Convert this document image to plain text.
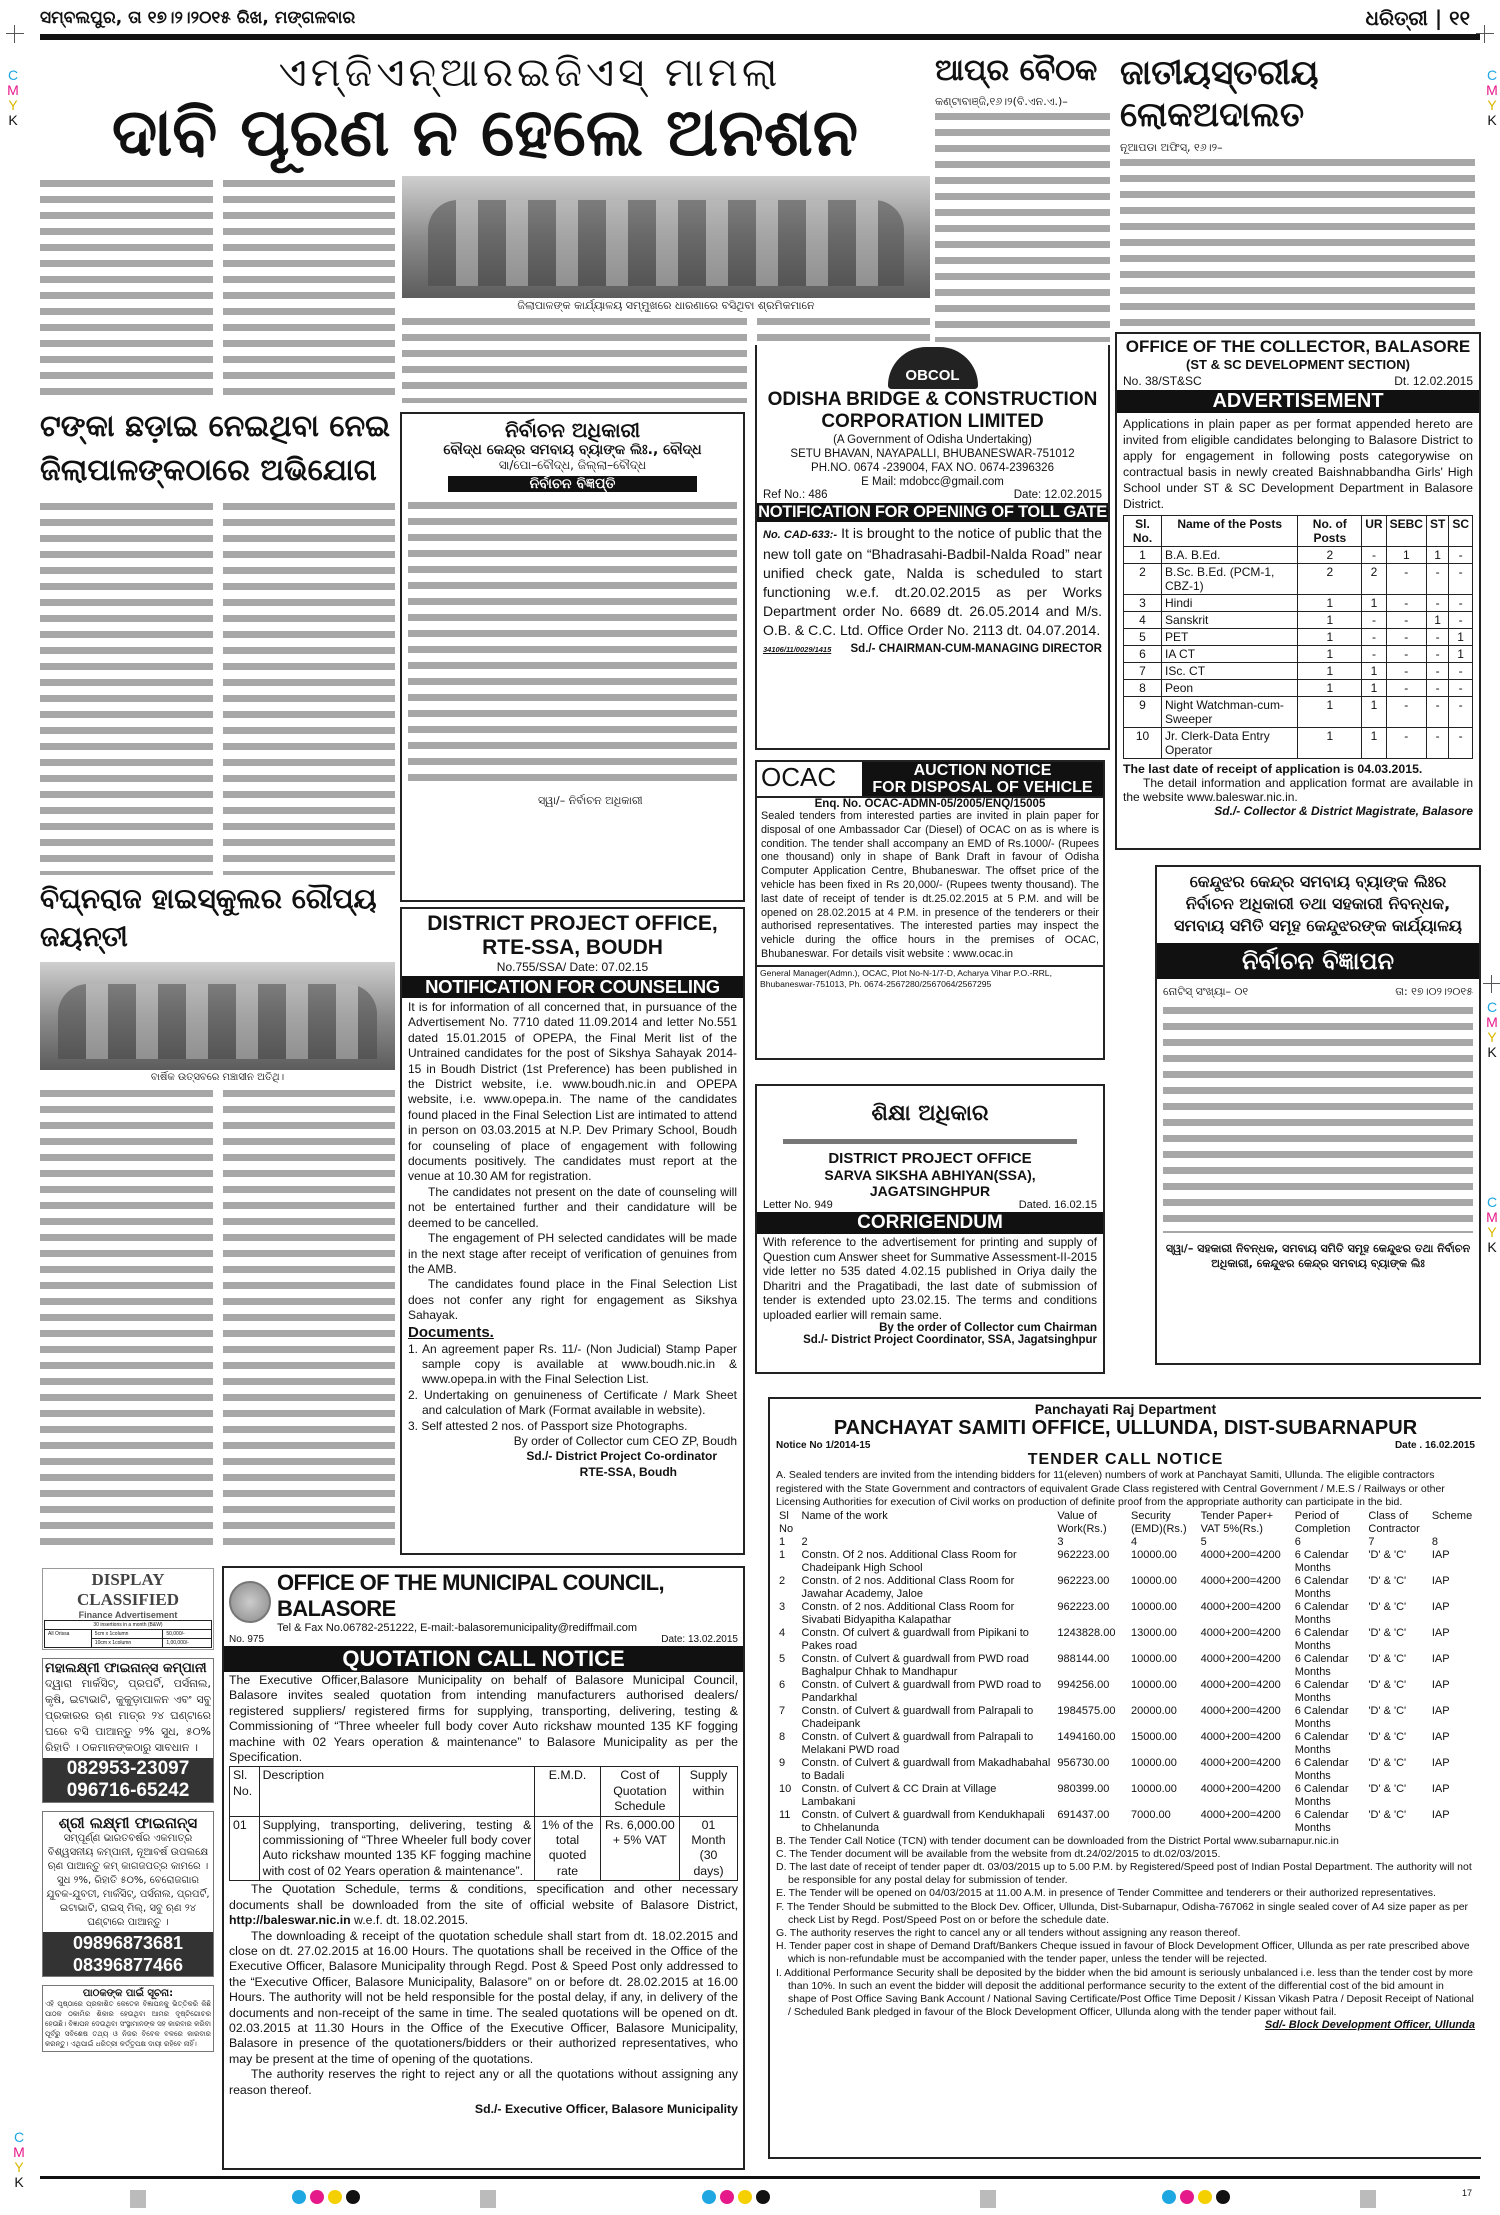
ସମ୍ବଲପୁର, ତା ୧୭।୨।୨୦୧୫ ରିଖ, ମଙ୍ଗଳବାର	ଧରିତ୍ରୀ | ୧୧
C
M
Y
K
C
M
Y
K
C
M
Y
K
C
M
Y
K
C
M
Y
K
ଏମ୍‌ଜିଏନ୍‌ଆରଇଜିଏସ୍ ମାମଲା
ଦାବି ପୂରଣ ନ ହେଲେ ଅନଶନ
ଜିଲାପାଳଙ୍କ କାର୍ଯ୍ୟାଳୟ ସମ୍ମୁଖରେ ଧାରଣାରେ ବସିଥିବା ଶ୍ରମିକମାନେ
ଆପ୍‌ର ବୈଠକ
କଣ୍ଟାବାଞ୍ଜି,୧୬।୨(ବି.ଏନ.ଏ.)–
ଜାତୀୟସ୍ତରୀୟ ଲୋକଅଦାଲତ
ନୂଆପଡା ଅଫିସ୍, ୧୬।୨–
OFFICE OF THE COLLECTOR, BALASORE
(ST & SC DEVELOPMENT SECTION)
No. 38/ST&SC	Dt. 12.02.2015
ADVERTISEMENT
Applications in plain paper as per format appended hereto are invited from eligible candidates belonging to Balasore District to apply for engagement in following posts categorywise on contractual basis in newly created Baishnabbandha Girls' High School under ST & SC Development Department in Balasore District.
Sl. No.	Name of the Posts	No. of Posts	UR	SEBC	ST	SC
1	B.A. B.Ed.	2	-	1	1	-
2	B.Sc. B.Ed. (PCM-1, CBZ-1)	2	2	-	-	-
3	Hindi	1	1	-	-	-
4	Sanskrit	1	-	-	1	-
5	PET	1	-	-	-	1
6	IA CT	1	-	-	-	1
7	ISc. CT	1	1	-	-	-
8	Peon	1	1	-	-	-
9	Night Watchman-cum-Sweeper	1	1	-	-	-
10	Jr. Clerk-Data Entry Operator	1	1	-	-	-
The last date of receipt of application is 04.03.2015.
The detail information and application format are available in the website www.baleswar.nic.in.
Sd./- Collector & District Magistrate, Balasore
ଟଙ୍କା ଛଡ଼ାଇ ନେଇଥିବା ନେଇ ଜିଲାପାଳଙ୍କଠାରେ ଅଭିଯୋଗ
ନିର୍ବାଚନ ଅଧିକାରୀ
ବୌଦ୍ଧ କେନ୍ଦ୍ର ସମବାୟ ବ୍ୟାଙ୍କ ଲିଃ., ବୌଦ୍ଧ
ସା/ପୋ–ବୌଦ୍ଧ, ଜିଲ୍ଲା–ବୌଦ୍ଧ
ନିର୍ବାଚନ ବିଜ୍ଞପ୍ତି
ସ୍ୱା/– ନିର୍ବାଚନ ଅଧିକାରୀ
OBCOL
ODISHA BRIDGE & CONSTRUCTION
CORPORATION LIMITED
(A Government of Odisha Undertaking)
SETU BHAVAN, NAYAPALLI, BHUBANESWAR-751012
PH.NO. 0674 -239004, FAX NO. 0674-2396326
E Mail: mdobcc@gmail.com
Ref No.: 486	Date: 12.02.2015
NOTIFICATION FOR OPENING OF TOLL GATE
No. CAD-633:- It is brought to the notice of public that the new toll gate on “Bhadrasahi-Badbil-Nalda Road” near unified check gate, Nalda is scheduled to start functioning w.e.f. dt.20.02.2015 as per Works Department order No. 6689 dt. 26.05.2014 and M/s. O.B. & C.C. Ltd. Office Order No. 2113 dt. 04.07.2014.
34106/11/0029/1415 Sd./- CHAIRMAN-CUM-MANAGING DIRECTOR
OCAC	AUCTION NOTICE
FOR DISPOSAL OF VEHICLE
Enq. No. OCAC-ADMN-05/2005/ENQ/15005
Sealed tenders from interested parties are invited in plain paper for disposal of one Ambassador Car (Diesel) of OCAC on as is where is condition. The tender shall accompany an EMD of Rs.1000/- (Rupees one thousand) only in shape of Bank Draft in favour of Odisha Computer Application Centre, Bhubaneswar. The offset price of the vehicle has been fixed in Rs 20,000/- (Rupees twenty thousand). The last date of receipt of tender is dt.25.02.2015 at 5 P.M. and will be opened on 28.02.2015 at 4 P.M. in presence of the tenderers or their authorised representatives. The interested parties may inspect the vehicle during the office hours in the premises of OCAC, Bhubaneswar. For details visit website : www.ocac.in
General Manager(Admn.), OCAC, Plot No-N-1/7-D, Acharya Vihar P.O.-RRL, Bhubaneswar-751013, Ph. 0674-2567280/2567064/2567295
ଶିକ୍ଷା ଅଧିକାର
DISTRICT PROJECT OFFICE
SARVA SIKSHA ABHIYAN(SSA), JAGATSINGHPUR
Letter No. 949	Dated. 16.02.15
CORRIGENDUM
With reference to the advertisement for printing and supply of Question cum Answer sheet for Summative Assessment-II-2015 vide letter no 535 dated 4.02.15 published in Oriya daily the Dharitri and the Pragatibadi, the last date of submission of tender is extended upto 23.02.15. The terms and conditions uploaded earlier will remain same.
By the order of Collector cum Chairman
Sd./- District Project Coordinator, SSA, Jagatsinghpur
କେନ୍ଦୁଝର କେନ୍ଦ୍ର ସମବାୟ ବ୍ୟାଙ୍କ ଲିଃର ନିର୍ବାଚନ ଅଧିକାରୀ ତଥା ସହକାରୀ ନିବନ୍ଧକ, ସମବାୟ ସମିତି ସମୂହ କେନ୍ଦୁଝରଙ୍କ କାର୍ଯ୍ୟାଳୟ
ନିର୍ବାଚନ ବିଜ୍ଞାପନ
ନୋଟିସ୍ ସଂଖ୍ୟା– ୦୧	ତା: ୧୭।୦୨।୨୦୧୫
ସ୍ୱା/– ସହକାରୀ ନିବନ୍ଧକ, ସମବାୟ ସମିତି ସମୂହ କେନ୍ଦୁଝର ତଥା ନିର୍ବାଚନ ଅଧିକାରୀ, କେନ୍ଦୁଝର କେନ୍ଦ୍ର ସମବାୟ ବ୍ୟାଙ୍କ ଲିଃ
ବିଘ୍ନରାଜ ହାଇସ୍କୁଲର ରୌପ୍ୟ ଜୟନ୍ତୀ
ବାର୍ଷିକ ଉତ୍ସବରେ ମଞ୍ଚାସୀନ ଅତିଥି।
DISTRICT PROJECT OFFICE,
RTE-SSA, BOUDH
No.755/SSA/ Date: 07.02.15
NOTIFICATION FOR COUNSELING
It is for information of all concerned that, in pursuance of the Advertisement No. 7710 dated 11.09.2014 and letter No.551 dated 15.01.2015 of OPEPA, the Final Merit list of the Untrained candidates for the post of Sikshya Sahayak 2014-15 in Boudh District (1st Preference) has been published in the District website, i.e. www.boudh.nic.in and OPEPA website, i.e. www.opepa.in. The name of the candidates found placed in the Final Selection List are intimated to attend in person on 03.03.2015 at N.P. Dev Primary School, Boudh for counseling of place of engagement with following documents positively. The candidates must report at the venue at 10.30 AM for registration.
The candidates not present on the date of counseling will not be entertained further and their candidature will be deemed to be cancelled.
The engagement of PH selected candidates will be made in the next stage after receipt of verification of genuines from the AMB.
The candidates found place in the Final Selection List does not confer any right for engagement as Sikshya Sahayak.
Documents.
1. An agreement paper Rs. 11/- (Non Judicial) Stamp Paper sample copy is available at www.boudh.nic.in & www.opepa.in with the Final Selection List.
2. Undertaking on genuineness of Certificate / Mark Sheet and calculation of Mark (Format available in website).
3. Self attested 2 nos. of Passport size Photographs.
By order of Collector cum CEO ZP, Boudh
Sd./- District Project Co-ordinator
RTE-SSA, Boudh
Panchayati Raj Department
PANCHAYAT SAMITI OFFICE, ULLUNDA, DIST-SUBARNAPUR
Notice No 1/2014-15	Date . 16.02.2015
TENDER CALL NOTICE
A. Sealed tenders are invited from the intending bidders for 11(eleven) numbers of work at Panchayat Samiti, Ullunda. The eligible contractors registered with the State Government and contractors of equivalent Grade Class registered with Central Government / M.E.S / Railways or other Licensing Authorities for execution of Civil works on production of definite proof from the appropriate authority can participate in the bid.
Sl No	Name of the work	Value of Work(Rs.)	Security (EMD)(Rs.)	Tender Paper+ VAT 5%(Rs.)	Period of Completion	Class of Contractor	Scheme
1	2	3	4	5	6	7	8
1	Constn. Of 2 nos. Additional Class Room for Chadeipank High School	962223.00	10000.00	4000+200=4200	6 Calendar Months	'D' & 'C'	IAP
2	Constn. of 2 nos. Additional Class Room for Jawahar Academy, Jaloe	962223.00	10000.00	4000+200=4200	6 Calendar Months	'D' & 'C'	IAP
3	Constn. of 2 nos. Additional Class Room for Sivabati Bidyapitha Kalapathar	962223.00	10000.00	4000+200=4200	6 Calendar Months	'D' & 'C'	IAP
4	Constn. Of culvert & guardwall from Pipikani to Pakes road	1243828.00	13000.00	4000+200=4200	6 Calendar Months	'D' & 'C'	IAP
5	Constn. of Culvert & guardwall from PWD road Baghalpur Chhak to Mandhapur	988144.00	10000.00	4000+200=4200	6 Calendar Months	'D' & 'C'	IAP
6	Constn. of Culvert & guardwall from PWD road to Pandarkhal	994256.00	10000.00	4000+200=4200	6 Calendar Months	'D' & 'C'	IAP
7	Constn. of Culvert & guardwall from Palrapali to Chadeipank	1984575.00	20000.00	4000+200=4200	6 Calendar Months	'D' & 'C'	IAP
8	Constn. of Culvert & guardwall from Palrapali to Melakani PWD road	1494160.00	15000.00	4000+200=4200	6 Calendar Months	'D' & 'C'	IAP
9	Constn. of Culvert & guardwall from Makadhabahal to Badali	956730.00	10000.00	4000+200=4200	6 Calendar Months	'D' & 'C'	IAP
10	Constn. of Culvert & CC Drain at Village Lambakani	980399.00	10000.00	4000+200=4200	6 Calendar Months	'D' & 'C'	IAP
11	Constn. of Culvert & guardwall from Kendukhapali to Chhelanunda	691437.00	7000.00	4000+200=4200	6 Calendar Months	'D' & 'C'	IAP
B. The Tender Call Notice (TCN) with tender document can be downloaded from the District Portal www.subarnapur.nic.in
C. The Tender document will be available from the website from dt.24/02/2015 to dt.02/03/2015.
D. The last date of receipt of tender paper dt. 03/03/2015 up to 5.00 P.M. by Registered/Speed post of Indian Postal Department. The authority will not be responsible for any postal delay for submission of tender.
E. The Tender will be opened on 04/03/2015 at 11.00 A.M. in presence of Tender Committee and tenderers or their authorized representatives.
F. The Tender Should be submitted to the Block Dev. Officer, Ullunda, Dist-Subarnapur, Odisha-767062 in single sealed cover of A4 size paper as per check List by Regd. Post/Speed Post on or before the schedule date.
G. The authority reserves the right to cancel any or all tenders without assigning any reason thereof.
H. Tender paper cost in shape of Demand Draft/Bankers Cheque issued in favour of Block Development Officer, Ullunda as per rate prescribed above which is non-refundable must be accompanied with the tender paper, unless the tender will be rejected.
I. Additional Performance Security shall be deposited by the bidder when the bid amount is seriously unbalanced i.e. less than the tender cost by more than 10%. In such an event the bidder will deposit the additional performance security to the extent of the differential cost of the bid amount in shape of Post Office Saving Bank Account / National Saving Certificate/Post Office Time Deposit / Kissan Vikash Patra / Deposit Receipt of National / Scheduled Bank pledged in favour of the Block Development Officer, Ullunda along with the tender paper without fail.
Sd/- Block Development Officer, Ullunda
DISPLAY CLASSIFIED
Finance Advertisement
30 insertions in a month (B&W)		
All Orissa	5cm x 1column	50,000/-
	10cm x 1column	1,00,000/-
ମହାଲକ୍ଷ୍ମୀ ଫାଇନାନ୍ସ କମ୍ପାନୀ
ଦ୍ୱାରା ମାର୍କସିଟ୍, ପ୍ରପର୍ଟି, ପର୍ସନାଲ, କୃଷି, ଇଟାଭାଟି, କୁକୁଡ଼ାପାଳନ ଏବଂ ସବୁ ପ୍ରକାରର ଋଣ ମାତ୍ର ୨୪ ଘଣ୍ଟାରେ ଘରେ ବସି ପାଆନ୍ତୁ ୨% ସୁଧ, ୫୦% ରିହାତି । ଠକମାନଙ୍କଠାରୁ ସାବଧାନ ।
082953-23097
096716-65242
ଶ୍ରୀ ଲକ୍ଷ୍ମୀ ଫାଇନାନ୍ସ
ସମ୍ପୂର୍ଣ୍ଣ ଭାରତବର୍ଷର ଏକମାତ୍ର ବିଶ୍ୱସନୀୟ କମ୍ପାନୀ, ନୂଆବର୍ଷ ଉପଲକ୍ଷେ ଋଣ ପାଆନ୍ତୁ କମ୍ କାଗଜପତ୍ର କାମରେ । ସୁଧ ୨%, ରିହାତି ୫୦%, ବେରୋଜଗାର ଯୁବକ-ଯୁବତୀ, ମାର୍କସିଟ୍, ପର୍ସନାଲ, ପ୍ରପର୍ଟି, ଇଟାଭାଟି, ରାଇସ୍ ମିଲ୍, ସବୁ ଋଣ ୨୪ ଘଣ୍ଟାରେ ପାଆନ୍ତୁ ।
09896873681
08396877466
ପାଠକଙ୍କ ପାଇଁ ସୂଚନା:
ଏହି ପୃଷ୍ଠାରେ ପ୍ରକାଶିତ କେତେକ ବିଜ୍ଞାପନକୁ ଭିତ୍ତିକରି କିଛି ପାଠକ ଠକାମିର ଶିକାର ହେଉଥିବା ଆମର ଦୃଷ୍ଟିଗୋଚର ହେଉଛି। ବିଜ୍ଞାପନ ଦେଉଥିବା ସଂସ୍ଥାମାନଙ୍କ ସହ କାରବାର କରିବା ପୂର୍ବରୁ ସବିଶେଷ ତଥ୍ୟ ଓ ନିଜର ବିବେକ ବଳରେ କାରବାର କରନ୍ତୁ। ଏଥିପାଇଁ ଧରିତ୍ରୀ କର୍ତ୍ତୃପକ୍ଷ ଦାୟୀ ରହିବେ ନାହିଁ।
OFFICE OF THE MUNICIPAL COUNCIL, BALASORE
Tel & Fax No.06782-251222, E-mail:-balasoremunicipality@rediffmail.com
No. 975	Date: 13.02.2015
QUOTATION CALL NOTICE
The Executive Officer,Balasore Municipality on behalf of Balasore Municipal Council, Balasore invites sealed quotation from intending manufacturers authorised dealers/ registered suppliers/ registered firms for supplying, transporting, delivering, testing & Commissioning of “Three wheeler full body cover Auto rickshaw mounted 135 KF fogging machine with 02 Years operation & maintenance” to Balasore Municipality as per the Specification.
Sl. No.	Description	E.M.D.	Cost of Quotation Schedule	Supply within
01	Supplying, transporting, delivering, testing & commissioning of “Three Wheeler full body cover Auto rickshaw mounted 135 KF fogging machine with cost of 02 Years operation & maintenance”.	1% of the total quoted rate	Rs. 6,000.00 + 5% VAT	01 Month (30 days)
The Quotation Schedule, terms & conditions, specification and other necessary documents shall be downloaded from the site of official website of Balasore District, http://baleswar.nic.in w.e.f. dt. 18.02.2015.
The downloading & receipt of the quotation schedule shall start from dt. 18.02.2015 and close on dt. 27.02.2015 at 16.00 Hours. The quotations shall be received in the Office of the Executive Officer, Balasore Municipality through Regd. Post & Speed Post only addressed to the “Executive Officer, Balasore Municipality, Balasore” on or before dt. 28.02.2015 at 16.00 Hours. The authority will not be held responsible for the postal delay, if any, in delivery of the documents and non-receipt of the same in time. The sealed quotations will be opened on dt. 02.03.2015 at 11.30 Hours in the Office of the Executive Officer, Balasore Municipality, Balasore in presence of the quotationers/bidders or their authorized representatives, who may be present at the time of opening of the quotations.
The authority reserves the right to reject any or all the quotations without assigning any reason thereof.
Sd./- Executive Officer, Balasore Municipality
17
